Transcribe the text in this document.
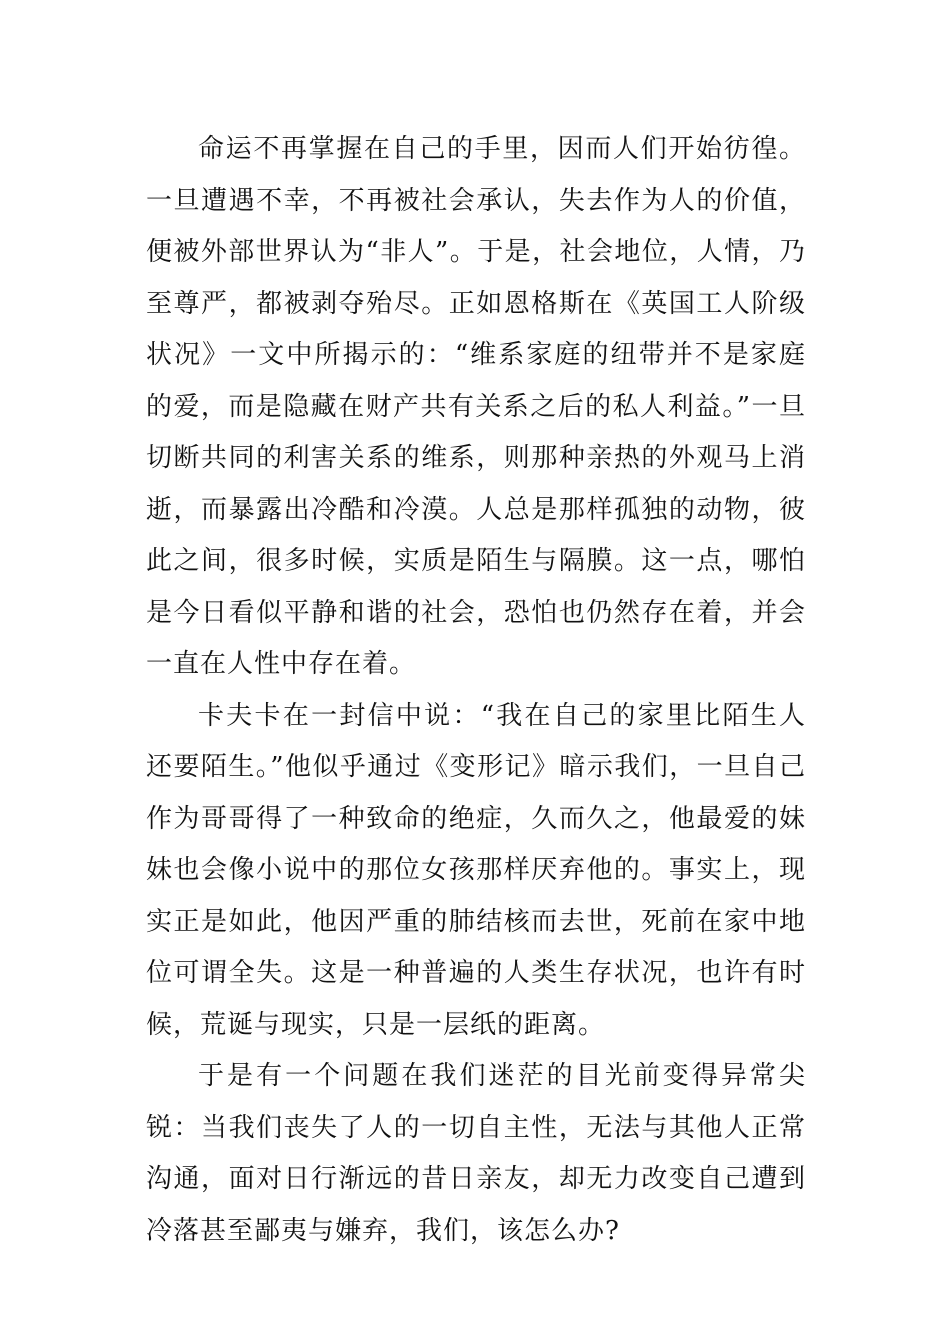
命运不再掌握在自己的手里，因而人们开始彷徨。一旦遭遇不幸，不再被社会承认，失去作为人的价值，便被外部世界认为“非人”。于是，社会地位，人情，乃至尊严，都被剥夺殆尽。正如恩格斯在《英国工人阶级状况》一文中所揭示的：“维系家庭的纽带并不是家庭的爱，而是隐藏在财产共有关系之后的私人利益。”一旦切断共同的利害关系的维系，则那种亲热的外观马上消逝，而暴露出冷酷和冷漠。人总是那样孤独的动物，彼此之间，很多时候，实质是陌生与隔膜。这一点，哪怕是今日看似平静和谐的社会，恐怕也仍然存在着，并会一直在人性中存在着。

卡夫卡在一封信中说：“我在自己的家里比陌生人还要陌生。”他似乎通过《变形记》暗示我们，一旦自己作为哥哥得了一种致命的绝症，久而久之，他最爱的妹妹也会像小说中的那位女孩那样厌弃他的。事实上，现实正是如此，他因严重的肺结核而去世，死前在家中地位可谓全失。这是一种普遍的人类生存状况，也许有时候，荒诞与现实，只是一层纸的距离。

于是有一个问题在我们迷茫的目光前变得异常尖锐：当我们丧失了人的一切自主性，无法与其他人正常沟通，面对日行渐远的昔日亲友，却无力改变自己遭到冷落甚至鄙夷与嫌弃，我们，该怎么办?
